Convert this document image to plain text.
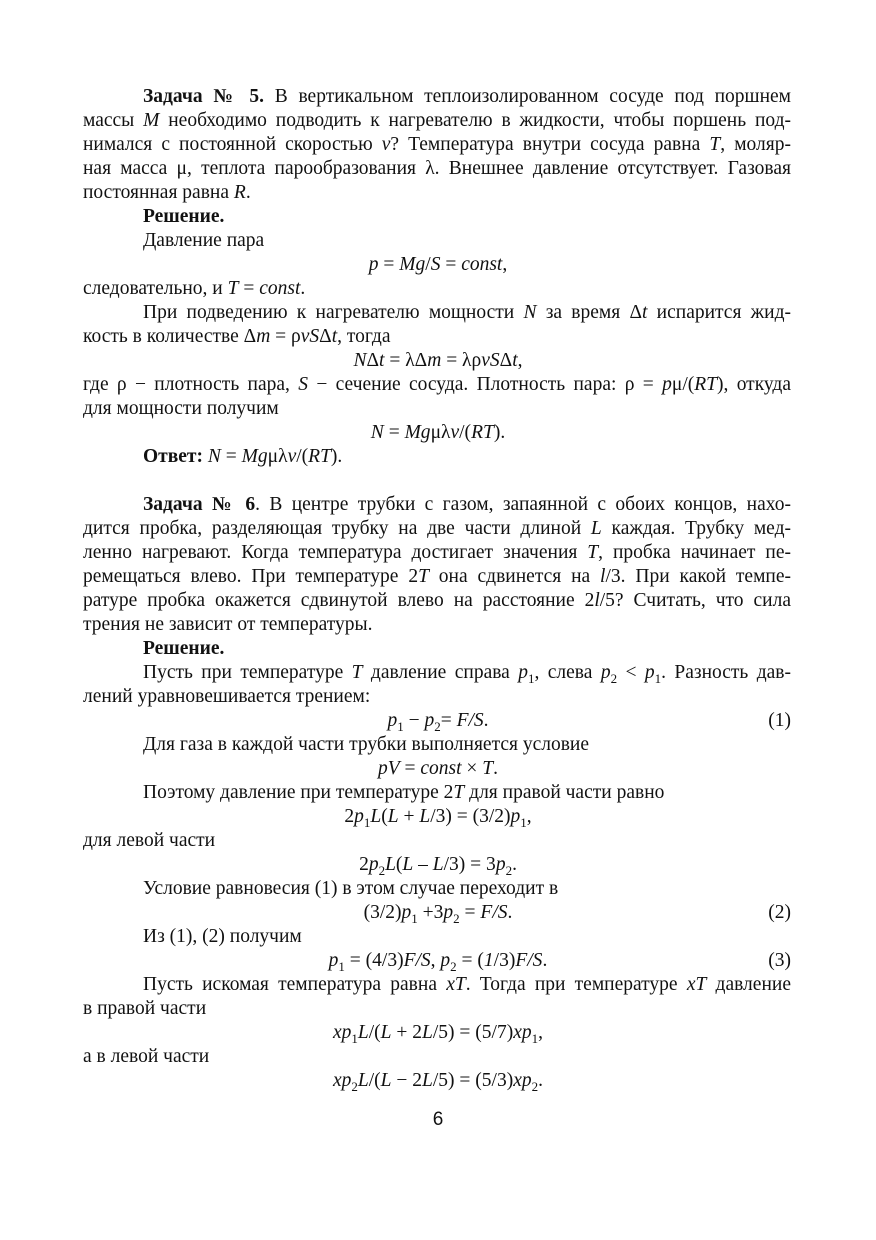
Задача № 5. В вертикальном теплоизолированном сосуде под поршнем
массы M необходимо подводить к нагревателю в жидкости, чтобы поршень под-
нимался с постоянной скоростью v? Температура внутри сосуда равна T, моляр-
ная масса μ, теплота парообразования λ. Внешнее давление отсутствует. Газовая
постоянная равна R.
Решение.
Давление пара
p = Mg/S = const,
следовательно, и T = const.
При подведению к нагревателю мощности N за время Δt испарится жид-
кость в количестве Δm = ρvSΔt, тогда
NΔt = λΔm = λρvSΔt,
где ρ − плотность пара, S − сечение сосуда. Плотность пара: ρ = pμ/(RT), откуда
для мощности получим
N = Mgμλv/(RT).
Ответ: N = Mgμλv/(RT).
Задача № 6. В центре трубки с газом, запаянной с обоих концов, нахо-
дится пробка, разделяющая трубку на две части длиной L каждая. Трубку мед-
ленно нагревают. Когда температура достигает значения T, пробка начинает пе-
ремещаться влево. При температуре 2T она сдвинется на l/3. При какой темпе-
ратуре пробка окажется сдвинутой влево на расстояние 2l/5? Считать, что сила
трения не зависит от температуры.
Решение.
Пусть при температуре T давление справа $p_1$, слева $p_2 < p_1$. Разность дав-
лений уравновешивается трением:
$p_1 - p_2= F/S$.	(1)
Для газа в каждой части трубки выполняется условие
pV = const × T.
Поэтому давление при температуре 2T для правой части равно
$2p_1L(L + L/3) = (3/2)p_1$,
для левой части
$2p_2L(L - L/3) = 3p_2$.
Условие равновесия (1) в этом случае переходит в
$(3/2)p_1 +3p_2 = F/S$.	(2)
Из (1), (2) получим
$p_1 = (4/3)F/S$, $p_2 = (1/3)F/S$.	(3)
Пусть искомая температура равна xT. Тогда при температуре xT давление
в правой части
$xp_1L/(L + 2L/5) = (5/7)xp_1$,
а в левой части
$xp_2L/(L - 2L/5) = (5/3)xp_2$.
6
